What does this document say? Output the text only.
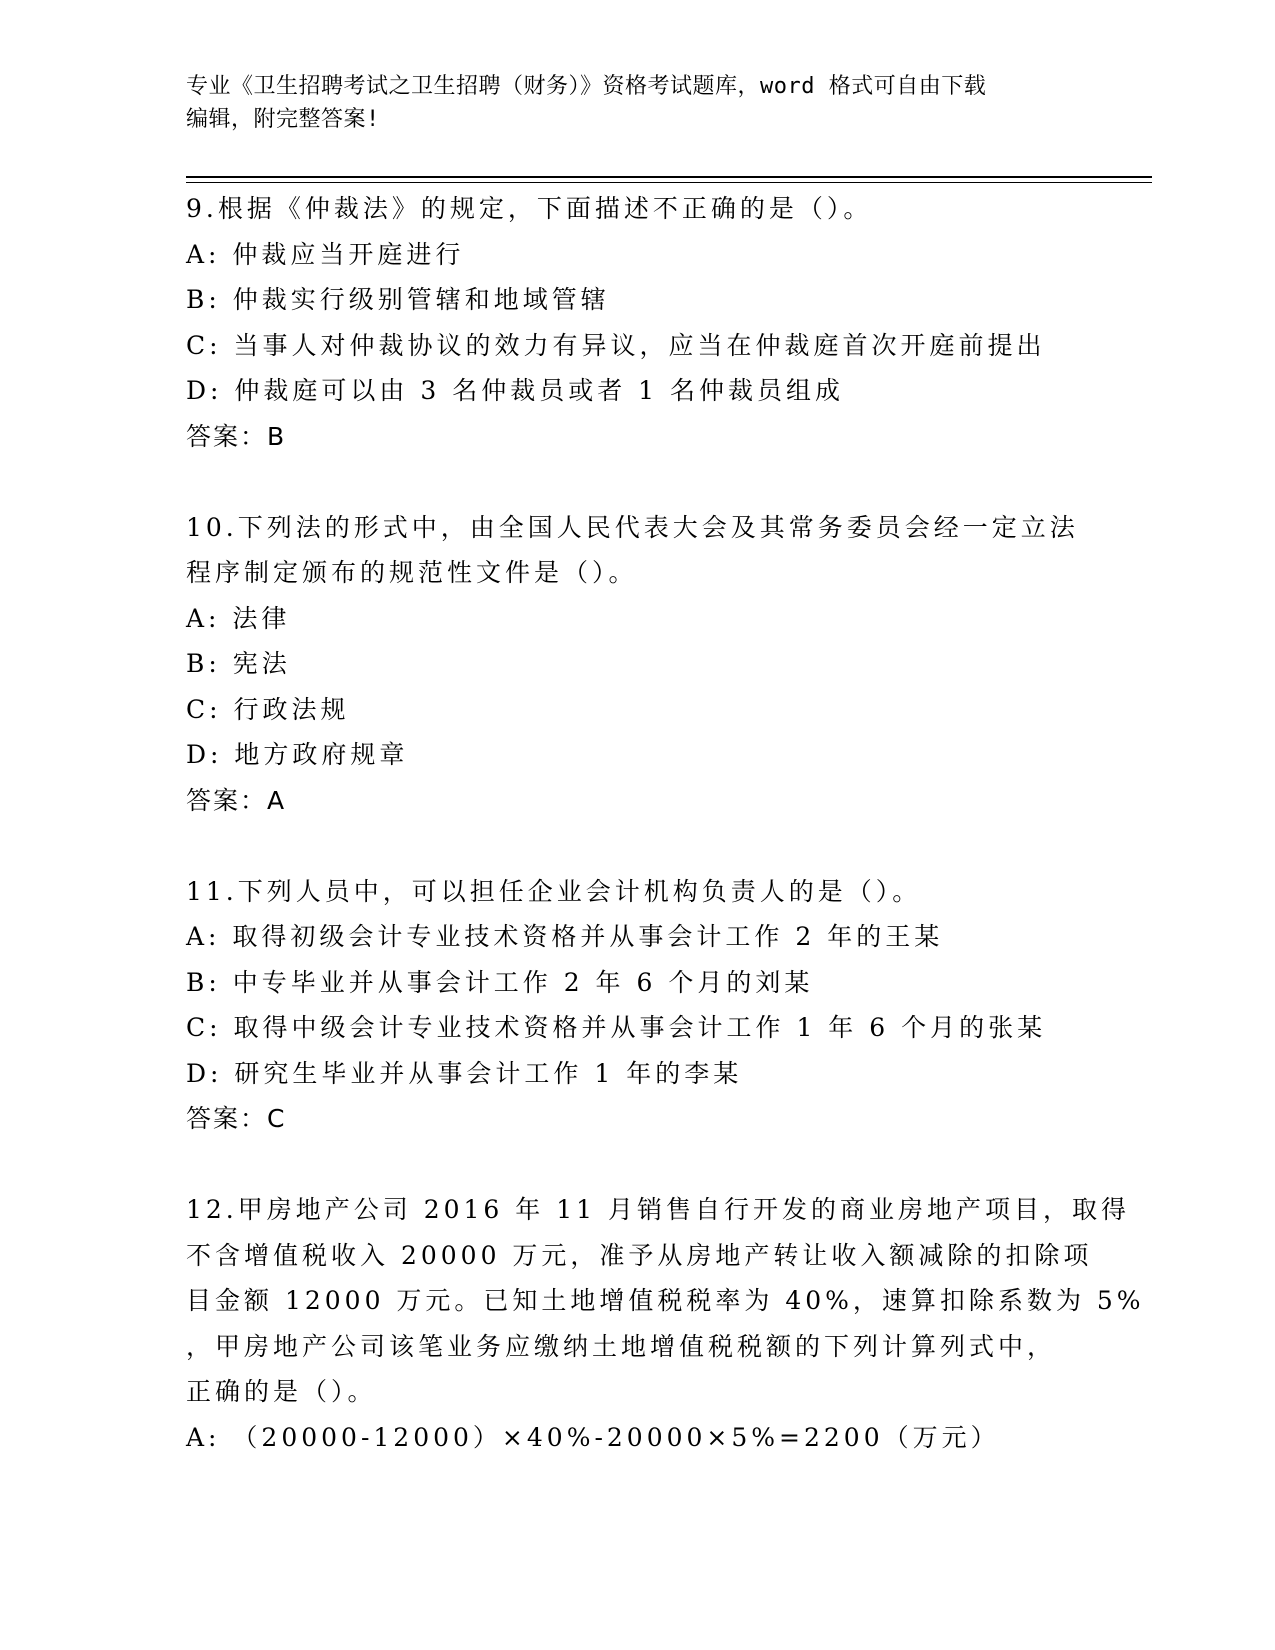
专业《卫生招聘考试之卫生招聘（财务）》资格考试题库，word 格式可自由下载
编辑，附完整答案!
9.根据《仲裁法》的规定，下面描述不正确的是（）。
A: 仲裁应当开庭进行
B: 仲裁实行级别管辖和地域管辖
C: 当事人对仲裁协议的效力有异议，应当在仲裁庭首次开庭前提出
D: 仲裁庭可以由 3 名仲裁员或者 1 名仲裁员组成
答案：B
10.下列法的形式中，由全国人民代表大会及其常务委员会经一定立法
程序制定颁布的规范性文件是（）。
A: 法律
B: 宪法
C: 行政法规
D: 地方政府规章
答案：A
11.下列人员中，可以担任企业会计机构负责人的是（）。
A: 取得初级会计专业技术资格并从事会计工作 2 年的王某
B: 中专毕业并从事会计工作 2 年 6 个月的刘某
C: 取得中级会计专业技术资格并从事会计工作 1 年 6 个月的张某
D: 研究生毕业并从事会计工作 1 年的李某
答案：C
12.甲房地产公司 2016 年 11 月销售自行开发的商业房地产项目，取得
不含增值税收入 20000 万元，准予从房地产转让收入额减除的扣除项
目金额 12000 万元。已知土地增值税税率为 40%，速算扣除系数为 5%
，甲房地产公司该笔业务应缴纳土地增值税税额的下列计算列式中，
正确的是（）。
A: （20000-12000）×40%-20000×5%=2200（万元）
